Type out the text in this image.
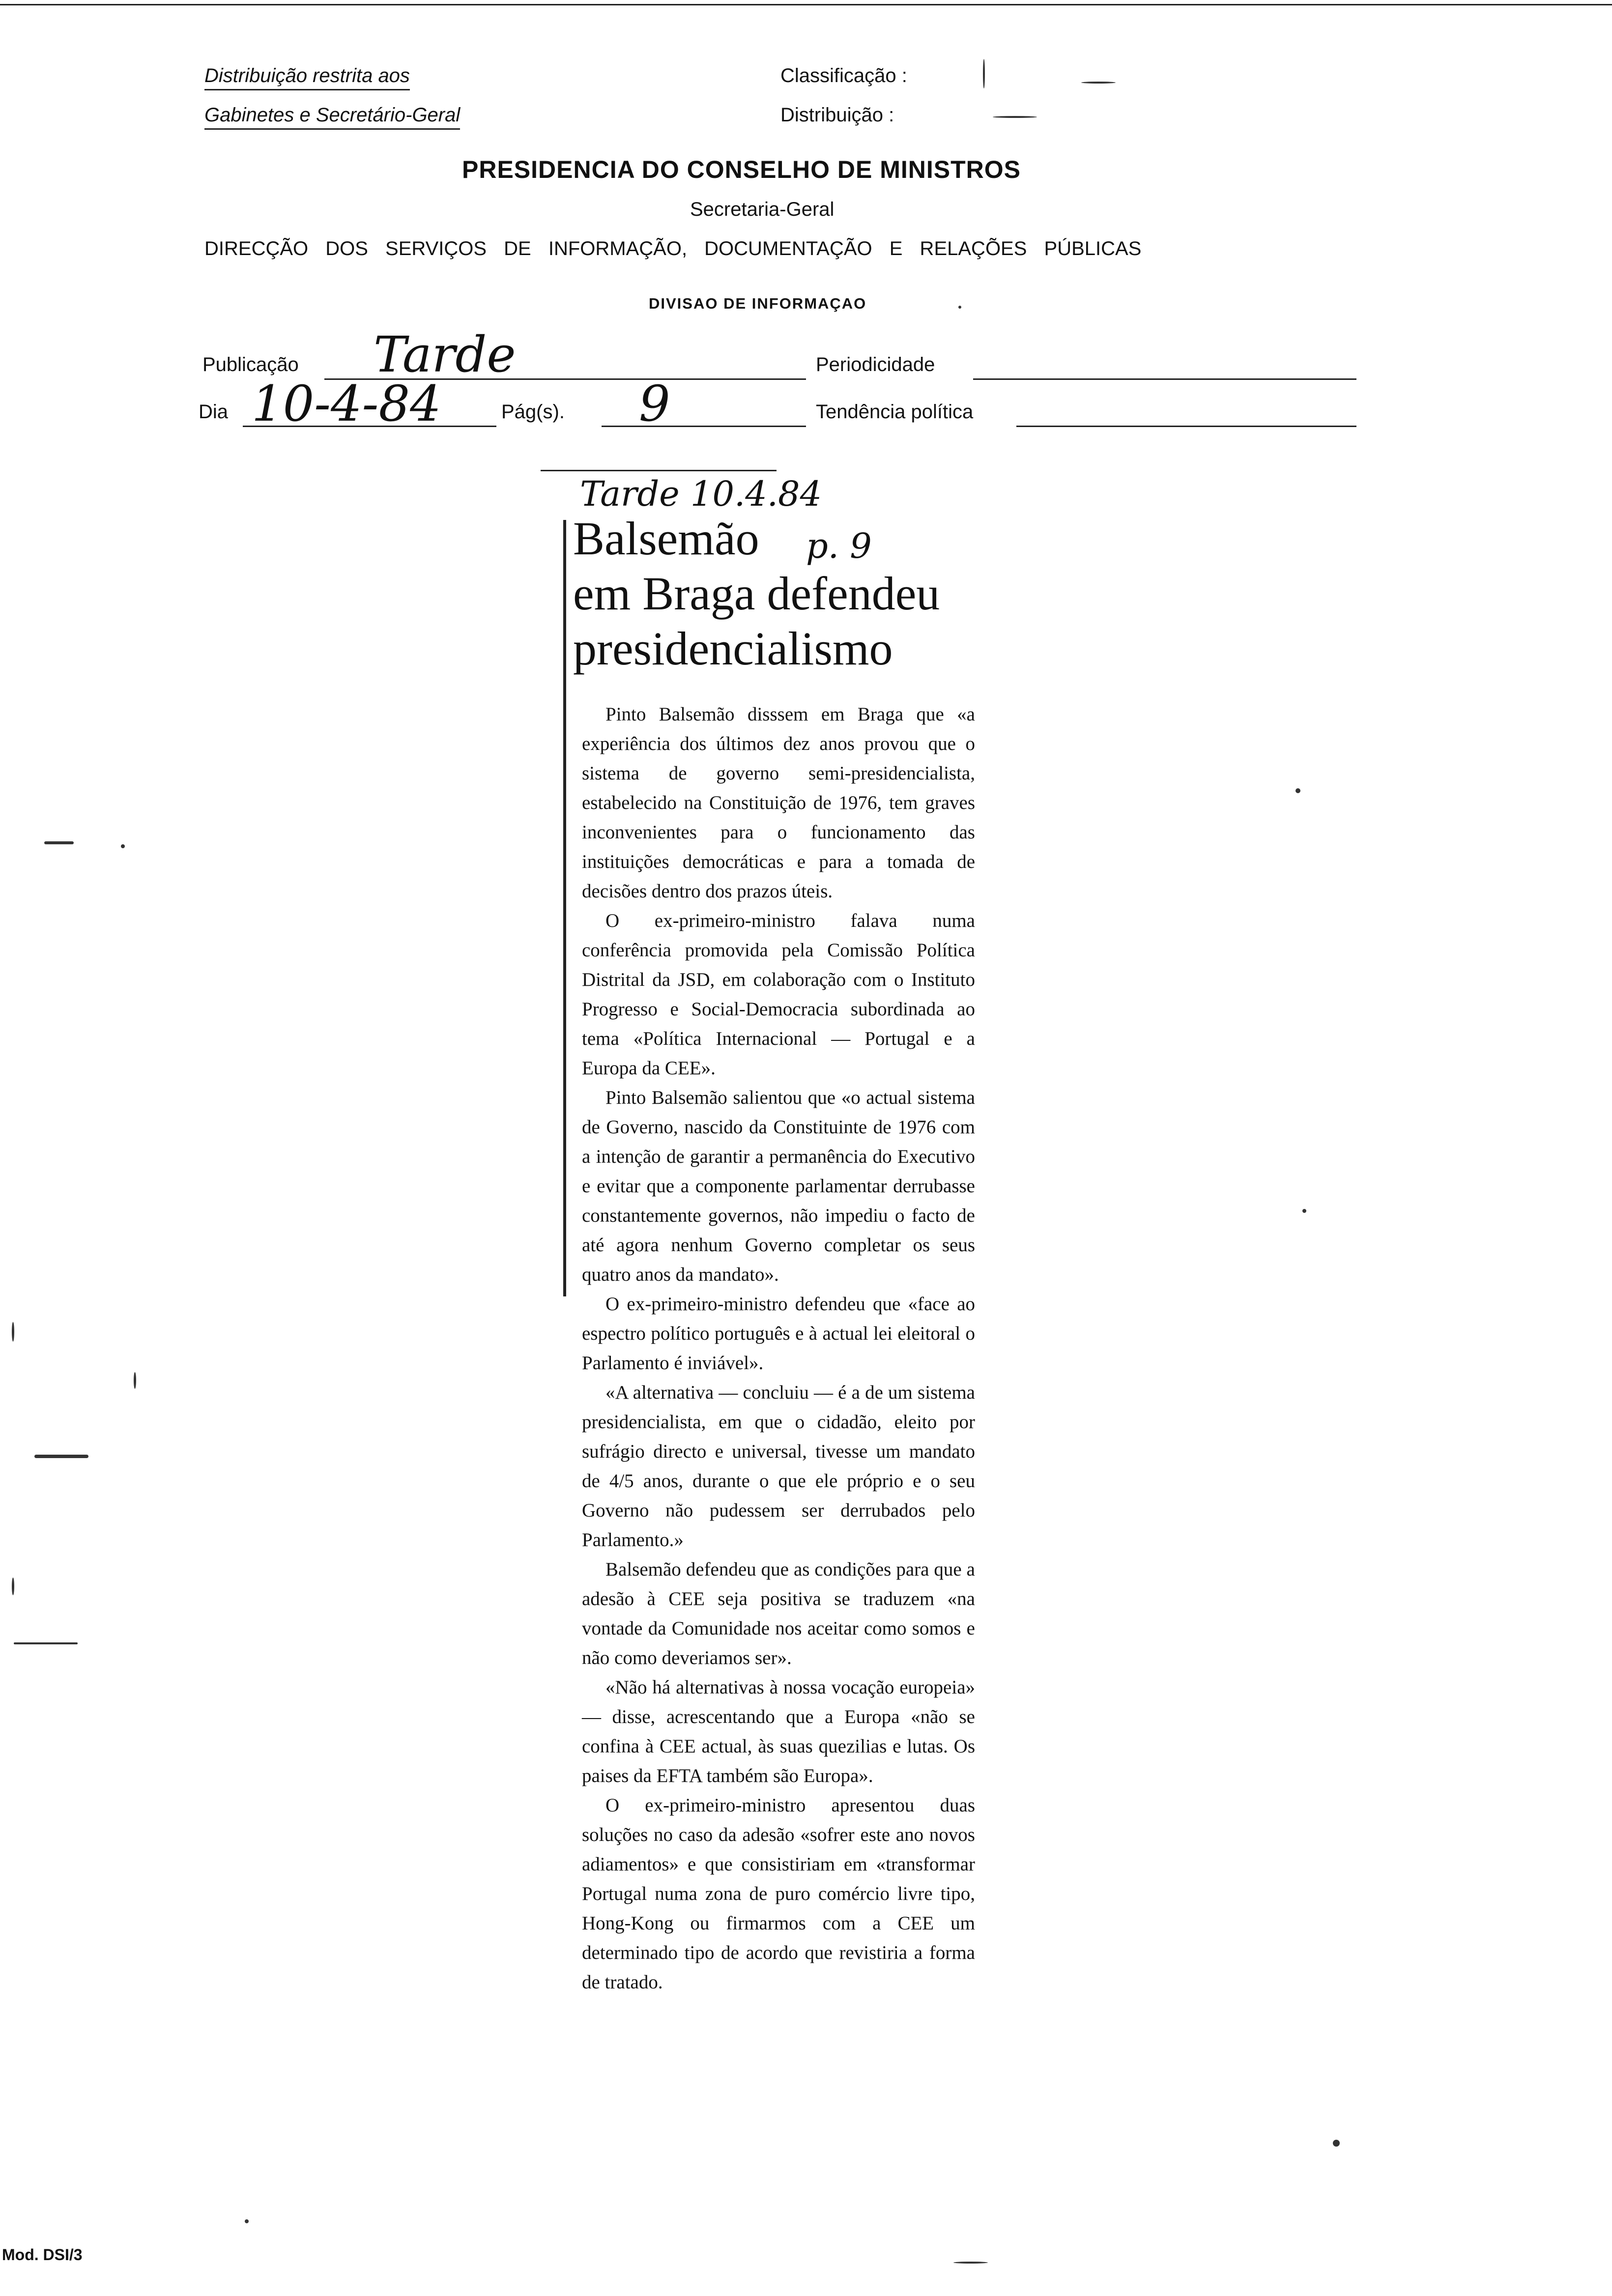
Distribuição restrita aos
Gabinetes e Secretário-Geral
Classificação :
Distribuição :
PRESIDENCIA DO CONSELHO DE MINISTROS
Secretaria-Geral
DIRECÇÃO DOS SERVIÇOS DE INFORMAÇÃO, DOCUMENTAÇÃO E RELAÇÕES PÚBLICAS
DIVISAO DE INFORMAÇAO
Publicação Tarde	Periodicidade
Dia 10-4-84	Pág(s). 9	Tendência política
Tarde 10.4.84
p. 9
Balsemão
em Braga defendeu
presidencialismo

Pinto Balsemão disssem em Braga que «a experiência dos últimos dez anos provou que o sistema de governo semi-presidencialista, estabelecido na Constituição de 1976, tem graves inconvenientes para o funcionamento das instituições democráticas e para a tomada de decisões dentro dos prazos úteis.

O ex-primeiro-ministro falava numa conferência promovida pela Comissão Política Distrital da JSD, em colaboração com o Instituto Progresso e Social-Democracia subordinada ao tema «Política Internacional — Portugal e a Europa da CEE».

Pinto Balsemão salientou que «o actual sistema de Governo, nascido da Constituinte de 1976 com a intenção de garantir a permanência do Executivo e evitar que a componente parlamentar derrubasse constantemente governos, não impediu o facto de até agora nenhum Governo completar os seus quatro anos da mandato».

O ex-primeiro-ministro defendeu que «face ao espectro político português e à actual lei eleitoral o Parlamento é inviável».

«A alternativa — concluiu — é a de um sistema presidencialista, em que o cidadão, eleito por sufrágio directo e universal, tivesse um mandato de 4/5 anos, durante o que ele próprio e o seu Governo não pudessem ser derrubados pelo Parlamento.»

Balsemão defendeu que as condições para que a adesão à CEE seja positiva se traduzem «na vontade da Comunidade nos aceitar como somos e não como deveriamos ser».

«Não há alternativas à nossa vocação europeia» — disse, acrescentando que a Europa «não se confina à CEE actual, às suas quezilias e lutas. Os paises da EFTA também são Europa».

O ex-primeiro-ministro apresentou duas soluções no caso da adesão «sofrer este ano novos adiamentos» e que consistiriam em «transformar Portugal numa zona de puro comércio livre tipo, Hong-Kong ou firmarmos com a CEE um determinado tipo de acordo que revistiria a forma de tratado.

Mod. DSI/3
